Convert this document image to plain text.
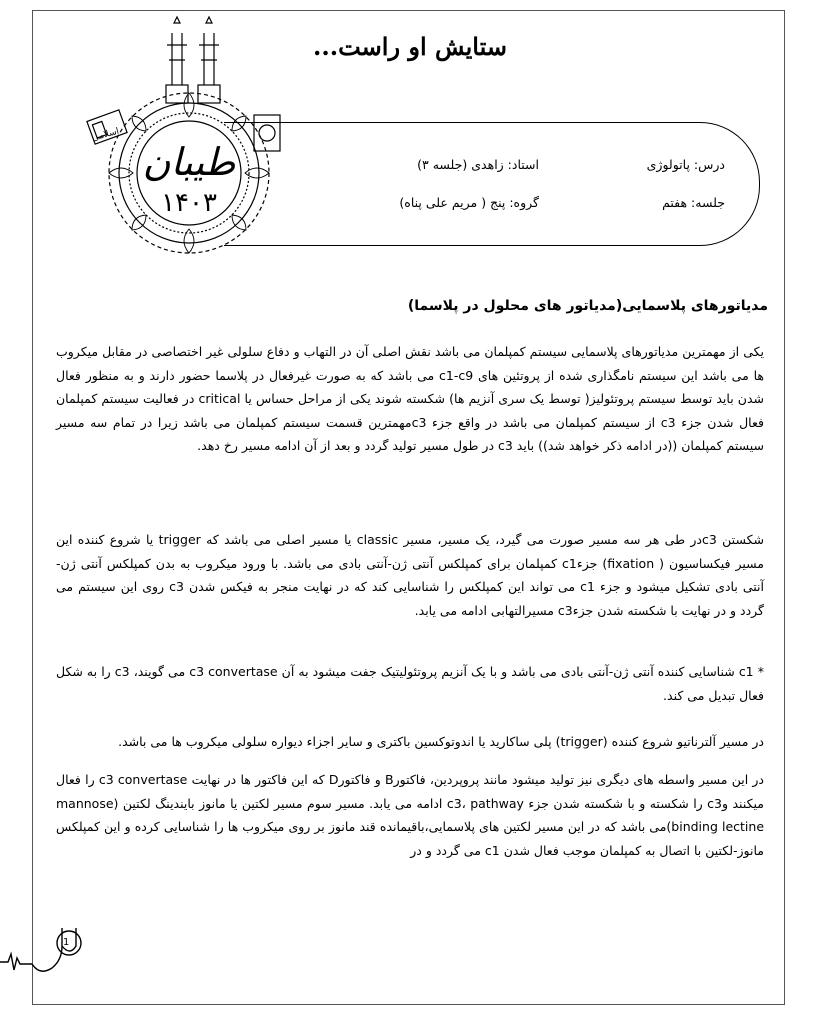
ستایش او راست...
درس: پاتولوژی
استاد: زاهدی (جلسه ۳)
جلسه: هفتم
گروه: پنج ( مریم علی پناه)
طیبان
۱۴۰۳
اسلامی
مدیاتورهای پلاسمایی(مدیاتور های محلول در پلاسما)

یکی از مهمترین مدیاتورهای پلاسمایی سیستم کمپلمان می باشد نقش اصلی آن در التهاب و دفاع سلولی غیر اختصاصی در مقابل میکروب ها می باشد این سیستم نامگذاری شده از پروتئین های c1-c9 می باشد که به صورت غیرفعال در پلاسما حضور دارند و به منظور فعال شدن باید توسط سیستم پروتئولیز( توسط یک سری آنزیم ها) شکسته شوند یکی از مراحل حساس یا critical در فعالیت سیستم کمپلمان فعال شدن جزء c3 از سیستم کمپلمان می باشد در واقع جزء c3مهمترین قسمت سیستم کمپلمان می باشد زیرا در تمام سه مسیر سیستم کمپلمان ((در ادامه ذکر خواهد شد)) باید c3 در طول مسیر تولید گردد و بعد از آن ادامه مسیر رخ دهد.

شکستن c3در طی هر سه مسیر صورت می گیرد، یک مسیر، مسیر classic یا مسیر اصلی می باشد که trigger یا شروع کننده این مسیر فیکساسیون ( fixation) جزءc1 کمپلمان برای کمپلکس آنتی ژن-آنتی بادی می باشد. با ورود میکروب به بدن کمپلکس آنتی ژن-آنتی بادی تشکیل میشود و جزء c1 می تواند این کمپلکس را شناسایی کند که در نهایت منجر به فیکس شدن c3 روی این سیستم می گردد و در نهایت با شکسته شدن جزءc3 مسیرالتهابی ادامه می یابد.

* c1 شناسایی کننده آنتی ژن-آنتی بادی می باشد و با یک آنزیم پروتئولیتیک جفت میشود به آن c3 convertase می گویند، c3 را به شکل فعال تبدیل می کند.

در مسیر آلترناتیو شروع کننده (trigger) پلی ساکارید یا اندوتوکسین باکتری و سایر اجزاء دیواره سلولی میکروب ها می باشد.

در این مسیر واسطه های دیگری نیز تولید میشود مانند پروپردین، فاکتورB و فاکتورD که این فاکتور ها در نهایت c3 convertase را فعال میکنند وc3 را شکسته و با شکسته شدن جزء c3، pathway ادامه می یابد. مسیر سوم مسیر لکتین یا مانوز بایندینگ لکتین (mannose binding lectine)می باشد که در این مسیر لکتین های پلاسمایی،باقیمانده قند مانوز بر روی میکروب ها را شناسایی کرده و این کمپلکس مانوز-لکتین با اتصال به کمپلمان موجب فعال شدن c1 می گردد و در

1
